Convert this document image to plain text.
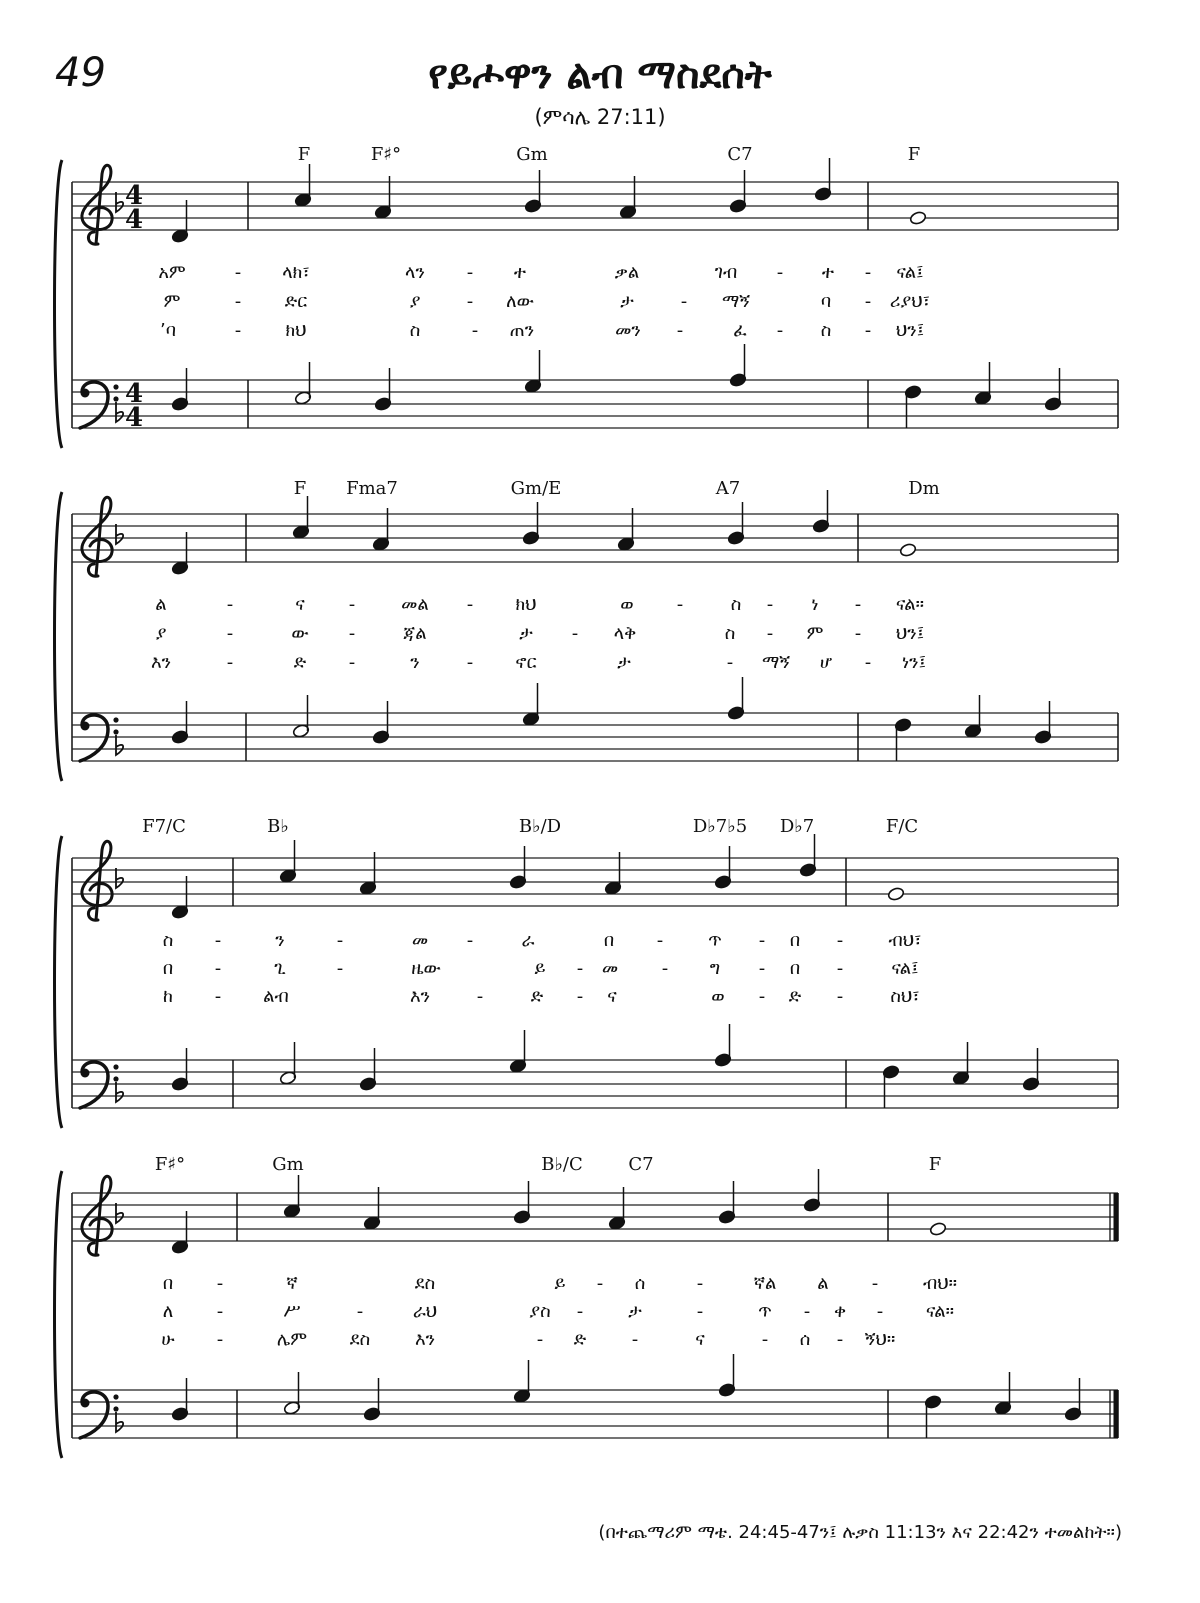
49	የይሖዋን ልብ ማስደሰት
(ምሳሌ 27:11)
4
4
4
4
F	F♯°	Gm	C7	F
አም	- ላክ፣	ላን - ተ	ቃል	ገብ - ተ - ናል፤
ም	- ድር	ያ	- ለው	ታ	- ማኝ	ባ - ሪያህ፣
’ባ	- ክህ	ስ	- ጠን	መን -	ፈ - ስ - ህን፤
F Fma7	Gm/E	A7	Dm
ል	-	ና -	መል - ክህ	ወ -	ስ - ነ - ናል።
ያ	-	ው -	ጃል	ታ - ላቅ	ስ - ም - ህን፤
እን	-	ድ -	ን	- ኖር	ታ	- ማኝ ሆ - ነን፤
F7/C	B♭	B♭/D	D♭7♭5 D♭7	F/C
ስ -	ን	-	መ -	ራ	በ - ጥ - በ -	ብህ፣
በ -	ጊ	-	ዜው	ይ - መ - ግ - በ -	ናል፤
ከ - ልብ	እን	-	ድ - ና	ወ - ድ -	ስህ፣
F♯°	Gm	B♭/C	C7	F
በ -	ኛ	ደስ	ይ - ሰ	-	ኛል ል - ብህ።
ለ -	ሥ	-	ራህ	ያስ -	ታ	-	ጥ - ቀ - ናል።
ሁ -	ሌም ደስ እን	- ድ	-	ና	- ሰ - ኝህ።
(በተጨማሪም ማቴ. 24:45-47ን፤ ሉቃስ 11:13ን እና 22:42ን ተመልከት።)
